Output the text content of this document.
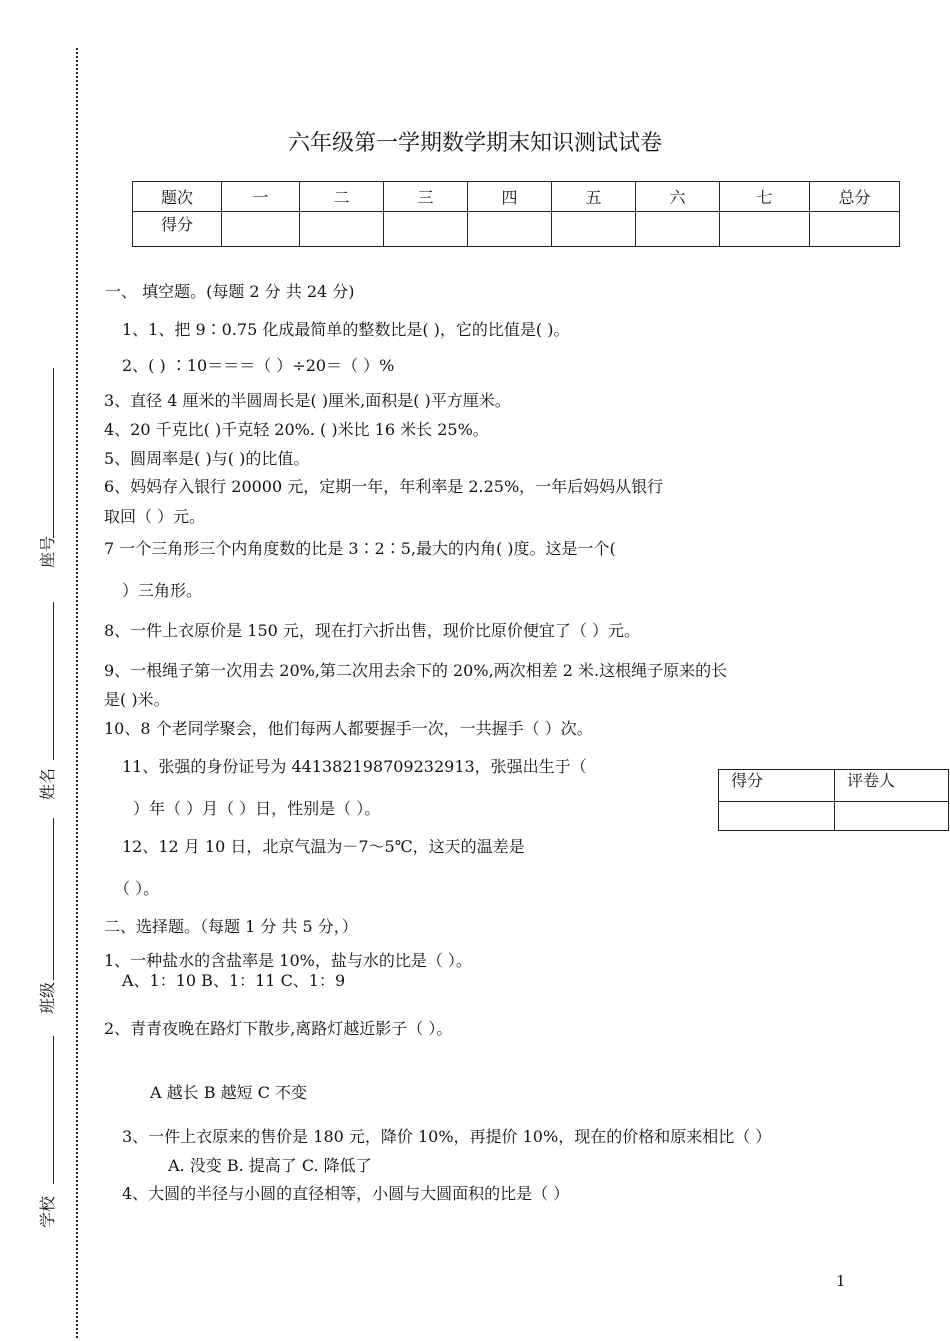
座号
姓名
班级
学校
六年级第一学期数学期末知识测试试卷
题次	一	二	三	四	五	六	七	总分
得分								
一、 填空题。(每题 2 分 共 24 分)
1、1、把 9∶0.75 化成最简单的整数比是( )，它的比值是( )。
2、( ) ∶10＝＝＝（ ）÷20＝（ ）%
3、直径 4 厘米的半圆周长是( )厘米,面积是( )平方厘米。
4、20 千克比( )千克轻 20%. ( )米比 16 米长 25%。
5、圆周率是( )与( )的比值。
6、妈妈存入银行 20000 元，定期一年，年利率是 2.25%，一年后妈妈从银行
取回（ ）元。
7 一个三角形三个内角度数的比是 3∶2∶5,最大的内角( )度。这是一个(
）三角形。
8、一件上衣原价是 150 元，现在打六折出售，现价比原价便宜了（ ）元。
9、一根绳子第一次用去 20%,第二次用去余下的 20%,两次相差 2 米.这根绳子原来的长
是( )米。
10、8 个老同学聚会，他们每两人都要握手一次，一共握手（ ）次。
11、张强的身份证号为 441382198709232913，张强出生于（
）年（ ）月（ ）日，性别是（ ）。
12、12 月 10 日，北京气温为－7～5℃，这天的温差是
（ ）。
得分	评卷人

二、选择题。（每题 1 分 共 5 分，）
1、一种盐水的含盐率是 10%，盐与水的比是（ ）。
A、1：10 B、1：11 C、1：9
2、青青夜晚在路灯下散步,离路灯越近影子（ ）。
A 越长 B 越短 C 不变
3、一件上衣原来的售价是 180 元，降价 10%，再提价 10%，现在的价格和原来相比（ ）
A. 没变 B. 提高了 C. 降低了
4、大圆的半径与小圆的直径相等，小圆与大圆面积的比是（ ）
1
